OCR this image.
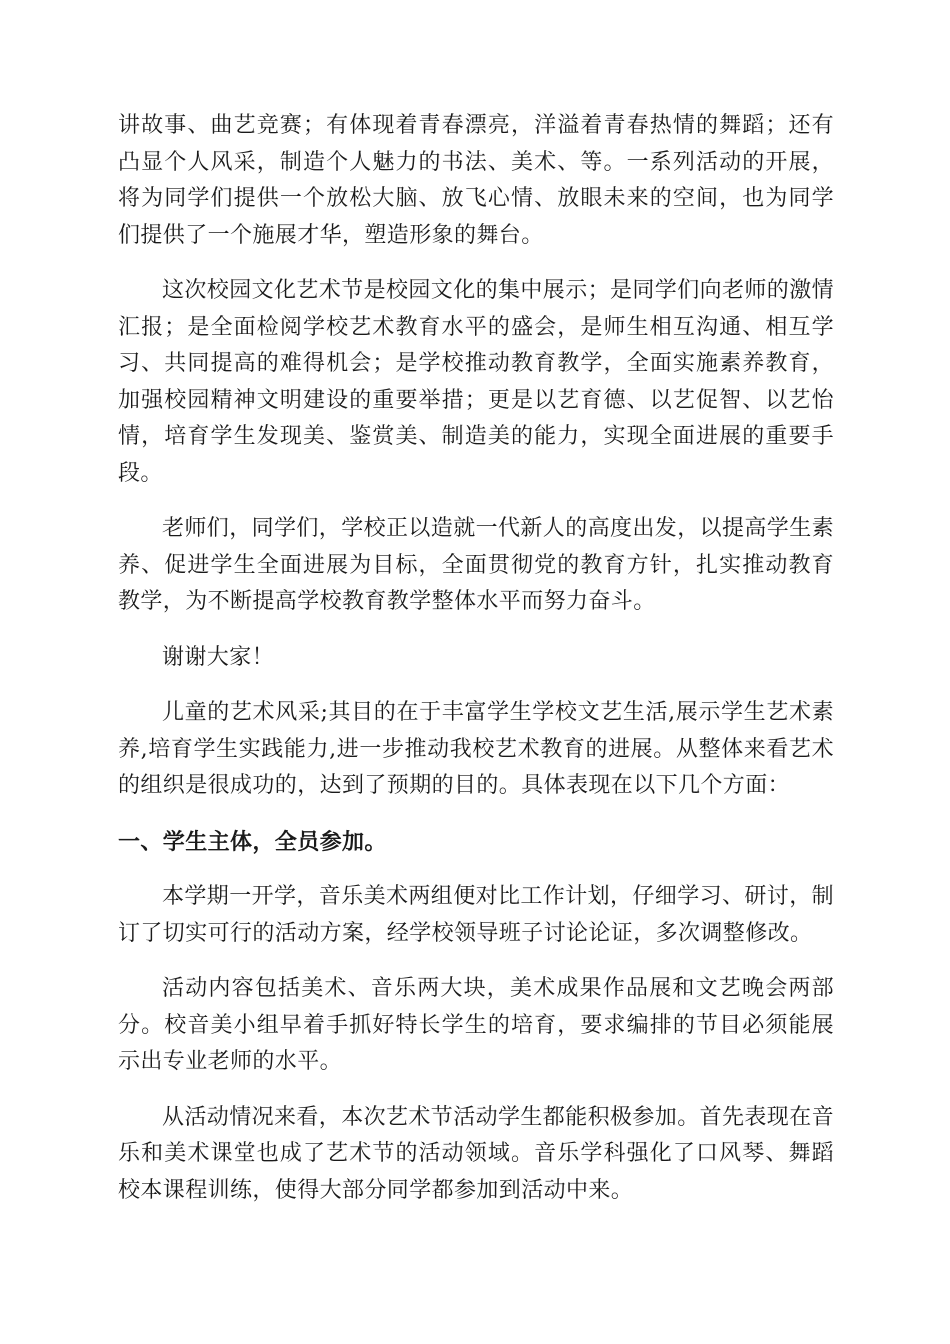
讲故事、曲艺竞赛；有体现着青春漂亮，洋溢着青春热情的舞蹈；还有凸显个人风采，制造个人魅力的书法、美术、等。一系列活动的开展，将为同学们提供一个放松大脑、放飞心情、放眼未来的空间，也为同学们提供了一个施展才华，塑造形象的舞台。

这次校园文化艺术节是校园文化的集中展示；是同学们向老师的激情汇报；是全面检阅学校艺术教育水平的盛会，是师生相互沟通、相互学习、共同提高的难得机会；是学校推动教育教学，全面实施素养教育，加强校园精神文明建设的重要举措；更是以艺育德、以艺促智、以艺怡情，培育学生发现美、鉴赏美、制造美的能力，实现全面进展的重要手段。

老师们，同学们，学校正以造就一代新人的高度出发，以提高学生素养、促进学生全面进展为目标，全面贯彻党的教育方针，扎实推动教育教学，为不断提高学校教育教学整体水平而努力奋斗。

谢谢大家！

儿童的艺术风采;其目的在于丰富学生学校文艺生活,展示学生艺术素养,培育学生实践能力,进一步推动我校艺术教育的进展。从整体来看艺术的组织是很成功的，达到了预期的目的。具体表现在以下几个方面：

一、学生主体，全员参加。

本学期一开学，音乐美术两组便对比工作计划，仔细学习、研讨，制订了切实可行的活动方案，经学校领导班子讨论论证，多次调整修改。

活动内容包括美术、音乐两大块，美术成果作品展和文艺晚会两部分。校音美小组早着手抓好特长学生的培育，要求编排的节目必须能展示出专业老师的水平。

从活动情况来看，本次艺术节活动学生都能积极参加。首先表现在音乐和美术课堂也成了艺术节的活动领域。音乐学科强化了口风琴、舞蹈校本课程训练，使得大部分同学都参加到活动中来。
